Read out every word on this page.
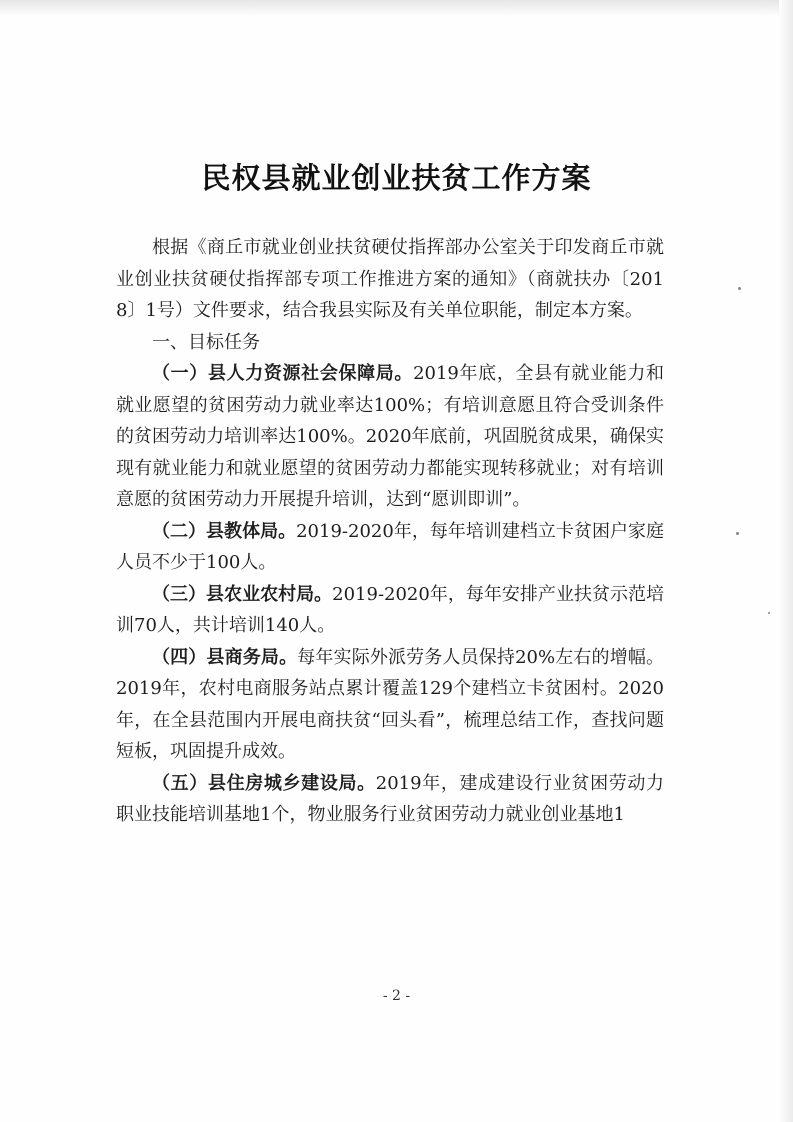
民权县就业创业扶贫工作方案

根据《商丘市就业创业扶贫硬仗指挥部办公室关于印发商丘市就业创业扶贫硬仗指挥部专项工作推进方案的通知》（商就扶办〔2018〕1号）文件要求，结合我县实际及有关单位职能，制定本方案。

一、目标任务

（一）县人力资源社会保障局。2019年底，全县有就业能力和就业愿望的贫困劳动力就业率达100%；有培训意愿且符合受训条件的贫困劳动力培训率达100%。2020年底前，巩固脱贫成果，确保实现有就业能力和就业愿望的贫困劳动力都能实现转移就业；对有培训意愿的贫困劳动力开展提升培训，达到“愿训即训”。

（二）县教体局。2019-2020年，每年培训建档立卡贫困户家庭人员不少于100人。

（三）县农业农村局。2019-2020年，每年安排产业扶贫示范培训70人，共计培训140人。

（四）县商务局。每年实际外派劳务人员保持20%左右的增幅。2019年，农村电商服务站点累计覆盖129个建档立卡贫困村。2020年，在全县范围内开展电商扶贫“回头看”，梳理总结工作，查找问题短板，巩固提升成效。

（五）县住房城乡建设局。2019年，建成建设行业贫困劳动力职业技能培训基地1个，物业服务行业贫困劳动力就业创业基地1

- 2 -
